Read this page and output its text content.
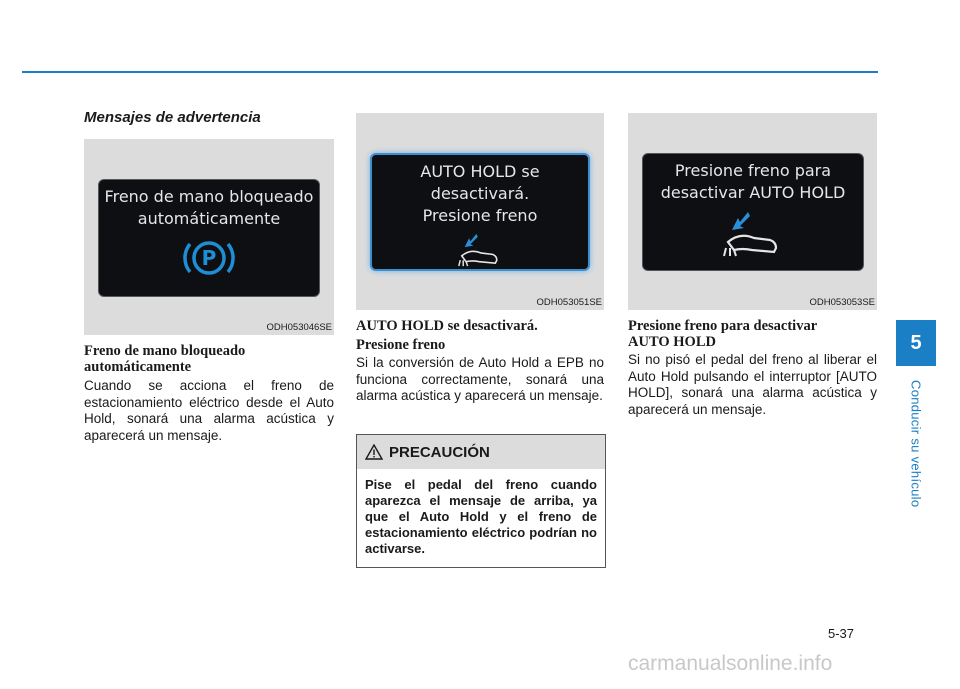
Mensajes de advertencia
Freno de mano bloqueado
automáticamente
P
ODH053046SE
Freno de mano bloqueado automáticamente
Cuando se acciona el freno de estacionamiento eléctrico desde el Auto Hold, sonará una alarma acústica y aparecerá un mensaje.
AUTO HOLD se desactivará.
Presione freno
ODH053051SE
AUTO HOLD se desactivará.
Presione freno
Si la conversión de Auto Hold a EPB no funciona correctamente, sonará una alarma acústica y aparecerá un mensaje.
PRECAUCIÓN
Pise el pedal del freno cuando aparezca el mensaje de arriba, ya que el Auto Hold y el freno de estacionamiento eléctrico podrían no activarse.
Presione freno para
desactivar AUTO HOLD
ODH053053SE
Presione freno para desactivar AUTO HOLD
Si no pisó el pedal del freno al liberar el Auto Hold pulsando el interruptor [AUTO HOLD], sonará una alarma acústica y aparecerá un mensaje.
5
Conducir su vehículo
5-37
carmanualsonline.info
